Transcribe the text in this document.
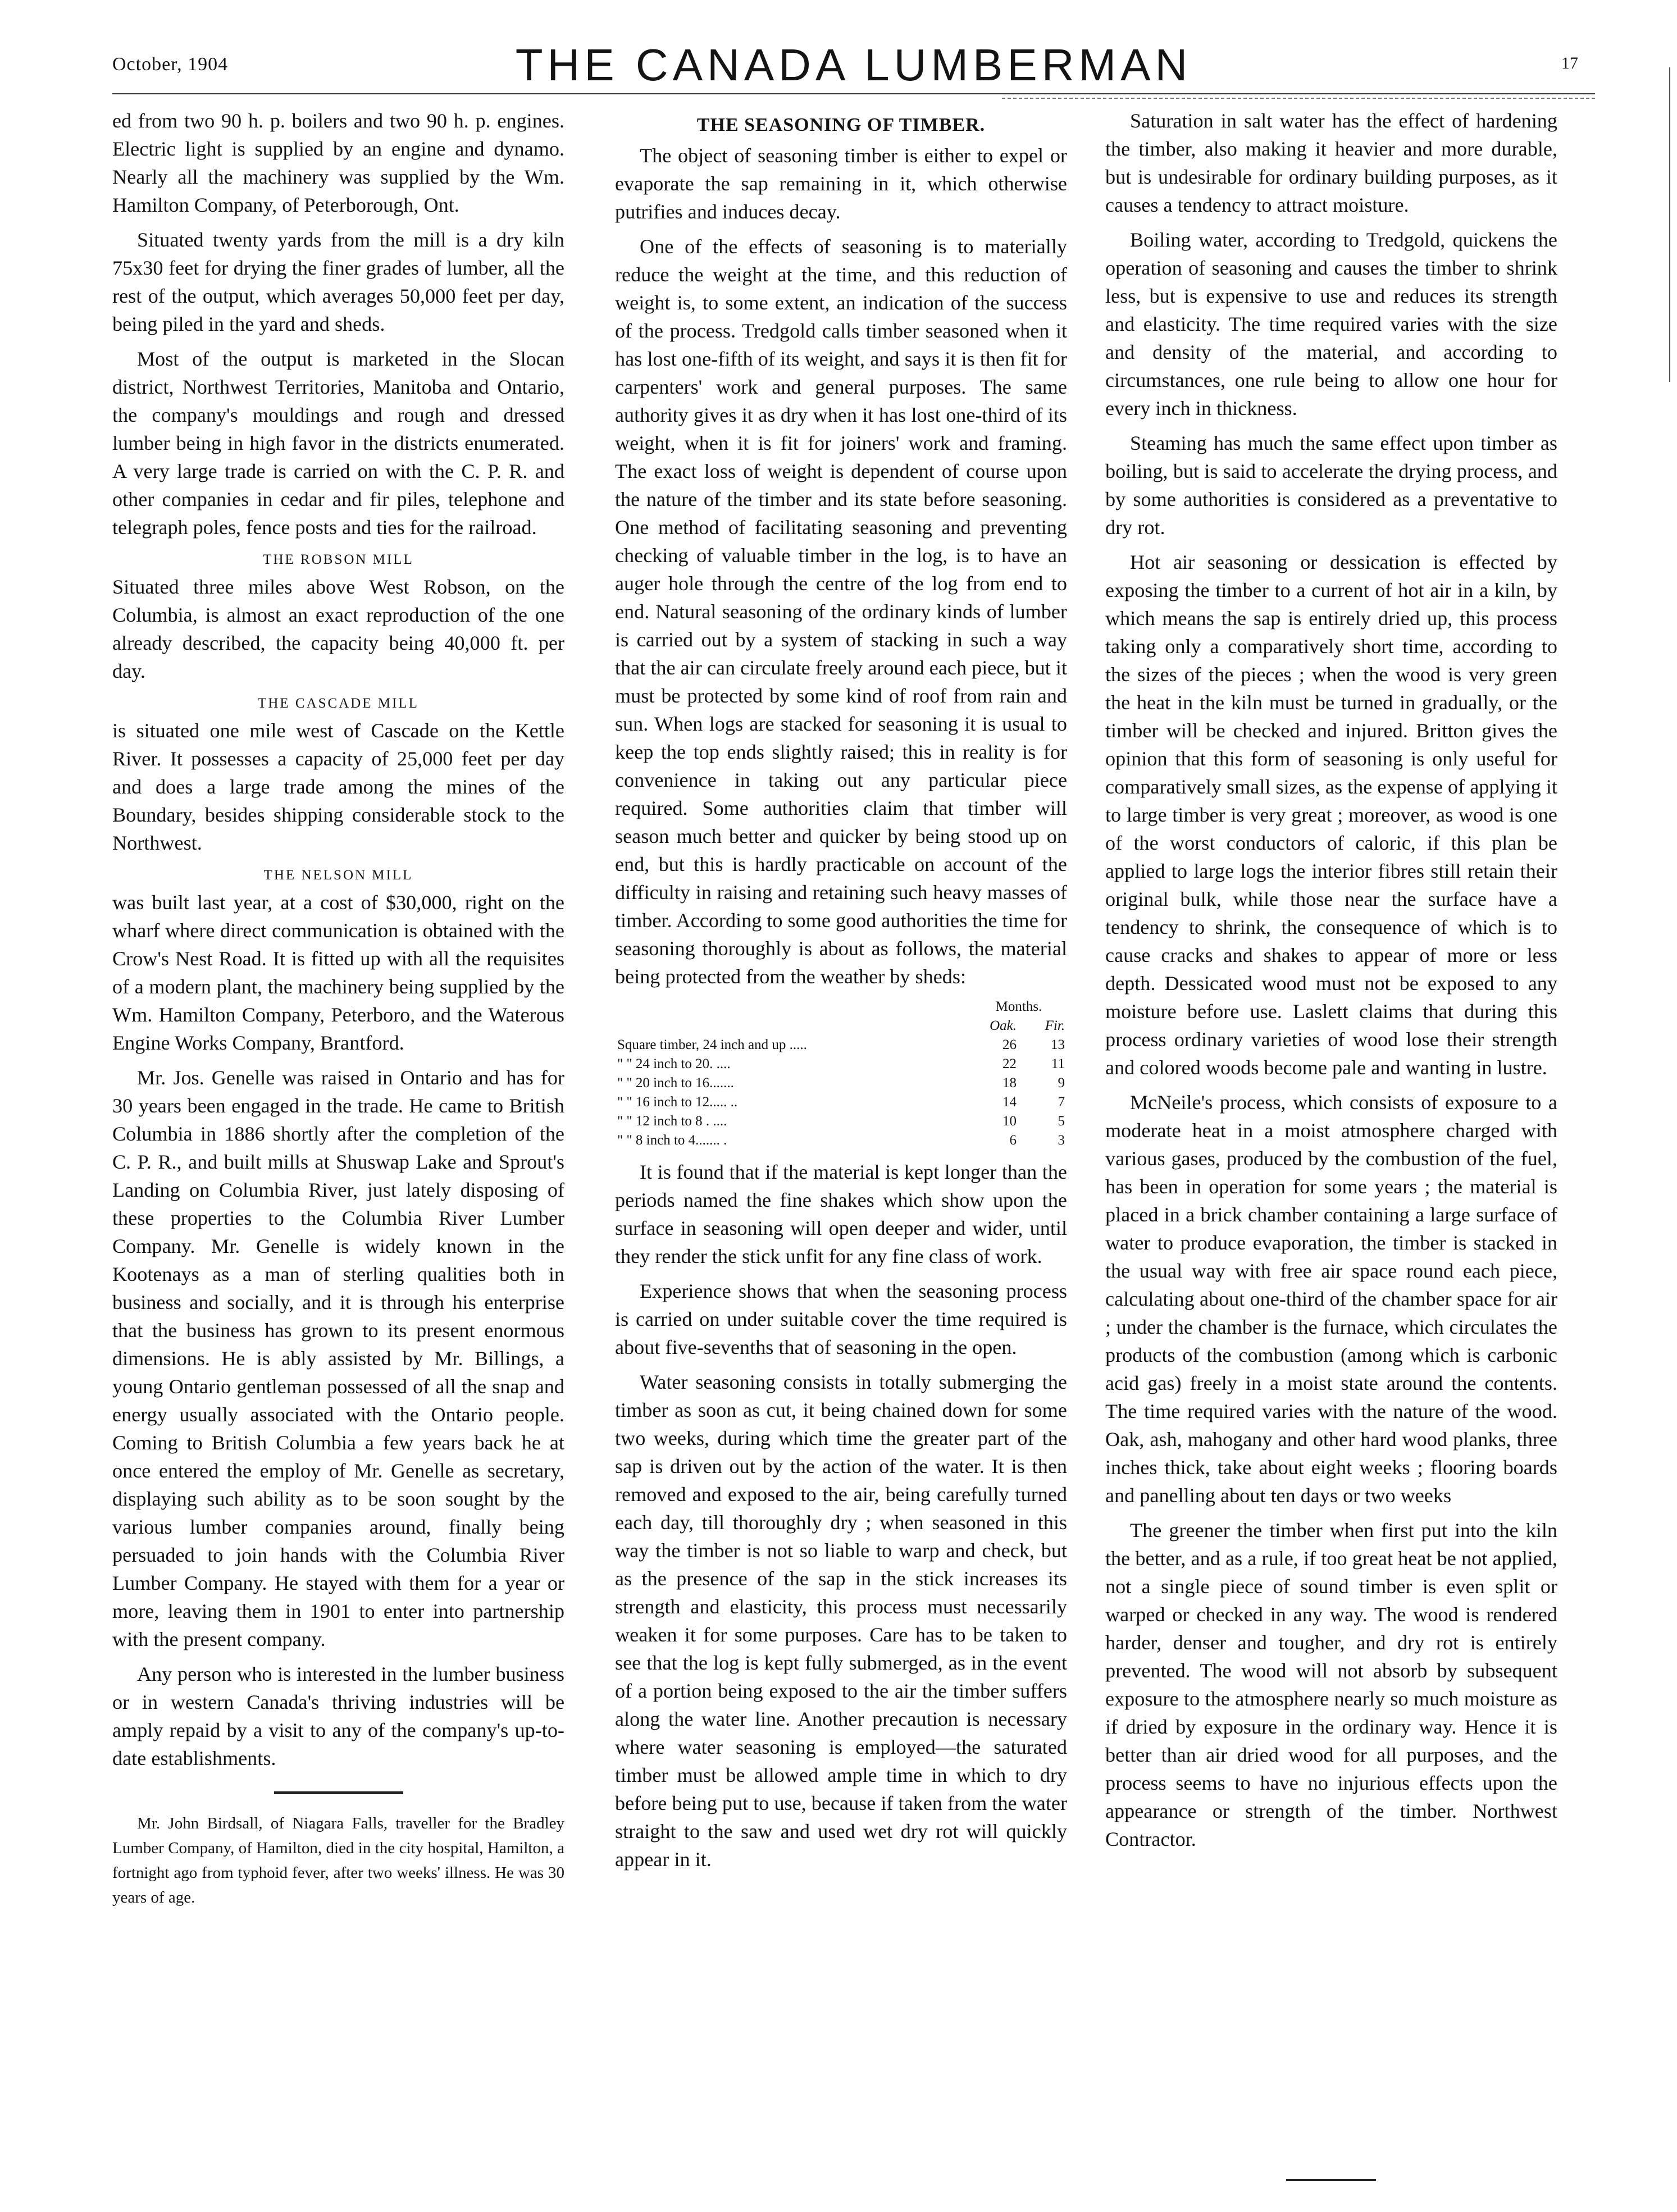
October, 1904	THE CANADA LUMBERMAN	17

ed from two 90 h. p. boilers and two 90 h. p. engines. Electric light is supplied by an engine and dynamo. Nearly all the machinery was supplied by the Wm. Hamilton Company, of Peterborough, Ont.

Situated twenty yards from the mill is a dry kiln 75x30 feet for drying the finer grades of lumber, all the rest of the output, which averages 50,000 feet per day, being piled in the yard and sheds.

Most of the output is marketed in the Slocan district, Northwest Territories, Manitoba and Ontario, the company's mouldings and rough and dressed lumber being in high favor in the districts enumerated. A very large trade is carried on with the C. P. R. and other companies in cedar and fir piles, telephone and telegraph poles, fence posts and ties for the railroad.

THE ROBSON MILL

Situated three miles above West Robson, on the Columbia, is almost an exact reproduction of the one already described, the capacity being 40,000 ft. per day.

THE CASCADE MILL

is situated one mile west of Cascade on the Kettle River. It possesses a capacity of 25,000 feet per day and does a large trade among the mines of the Boundary, besides shipping considerable stock to the Northwest.

THE NELSON MILL

was built last year, at a cost of $30,000, right on the wharf where direct communication is obtained with the Crow's Nest Road. It is fitted up with all the requisites of a modern plant, the machinery being supplied by the Wm. Hamilton Company, Peterboro, and the Waterous Engine Works Company, Brantford.

Mr. Jos. Genelle was raised in Ontario and has for 30 years been engaged in the trade. He came to British Columbia in 1886 shortly after the completion of the C. P. R., and built mills at Shuswap Lake and Sprout's Landing on Columbia River, just lately disposing of these properties to the Columbia River Lumber Company. Mr. Genelle is widely known in the Kootenays as a man of sterling qualities both in business and socially, and it is through his enterprise that the business has grown to its present enormous dimensions. He is ably assisted by Mr. Billings, a young Ontario gentleman possessed of all the snap and energy usually associated with the Ontario people. Coming to British Columbia a few years back he at once entered the employ of Mr. Genelle as secretary, displaying such ability as to be soon sought by the various lumber companies around, finally being persuaded to join hands with the Columbia River Lumber Company. He stayed with them for a year or more, leaving them in 1901 to enter into partnership with the present company.

Any person who is interested in the lumber business or in western Canada's thriving industries will be amply repaid by a visit to any of the company's up-to-date establishments.

Mr. John Birdsall, of Niagara Falls, traveller for the Bradley Lumber Company, of Hamilton, died in the city hospital, Hamilton, a fortnight ago from typhoid fever, after two weeks' illness. He was 30 years of age.

THE SEASONING OF TIMBER.

The object of seasoning timber is either to expel or evaporate the sap remaining in it, which otherwise putrifies and induces decay.

One of the effects of seasoning is to materially reduce the weight at the time, and this reduction of weight is, to some extent, an indication of the success of the process. Tredgold calls timber seasoned when it has lost one-fifth of its weight, and says it is then fit for carpenters' work and general purposes. The same authority gives it as dry when it has lost one-third of its weight, when it is fit for joiners' work and framing. The exact loss of weight is dependent of course upon the nature of the timber and its state before seasoning. One method of facilitating seasoning and preventing checking of valuable timber in the log, is to have an auger hole through the centre of the log from end to end. Natural seasoning of the ordinary kinds of lumber is carried out by a system of stacking in such a way that the air can circulate freely around each piece, but it must be protected by some kind of roof from rain and sun. When logs are stacked for seasoning it is usual to keep the top ends slightly raised; this in reality is for convenience in taking out any particular piece required. Some authorities claim that timber will season much better and quicker by being stood up on end, but this is hardly practicable on account of the difficulty in raising and retaining such heavy masses of timber. According to some good authorities the time for seasoning thoroughly is about as follows, the material being protected from the weather by sheds:

	Months.	
	Oak.	Fir.
Square timber, 24 inch and up .....	26	13
" " 24 inch to 20. ....	22	11
" " 20 inch to 16.......	18	9
" " 16 inch to 12..... ..	14	7
" " 12 inch to 8 . ....	10	5
" " 8 inch to 4....... .	6	3

It is found that if the material is kept longer than the periods named the fine shakes which show upon the surface in seasoning will open deeper and wider, until they render the stick unfit for any fine class of work.

Experience shows that when the seasoning process is carried on under suitable cover the time required is about five-sevenths that of seasoning in the open.

Water seasoning consists in totally submerging the timber as soon as cut, it being chained down for some two weeks, during which time the greater part of the sap is driven out by the action of the water. It is then removed and exposed to the air, being carefully turned each day, till thoroughly dry ; when seasoned in this way the timber is not so liable to warp and check, but as the presence of the sap in the stick increases its strength and elasticity, this process must necessarily weaken it for some purposes. Care has to be taken to see that the log is kept fully submerged, as in the event of a portion being exposed to the air the timber suffers along the water line. Another precaution is necessary where water seasoning is employed—the saturated timber must be allowed ample time in which to dry before being put to use, because if taken from the water straight to the saw and used wet dry rot will quickly appear in it.

Saturation in salt water has the effect of hardening the timber, also making it heavier and more durable, but is undesirable for ordinary building purposes, as it causes a tendency to attract moisture.

Boiling water, according to Tredgold, quickens the operation of seasoning and causes the timber to shrink less, but is expensive to use and reduces its strength and elasticity. The time required varies with the size and density of the material, and according to circumstances, one rule being to allow one hour for every inch in thickness.

Steaming has much the same effect upon timber as boiling, but is said to accelerate the drying process, and by some authorities is considered as a preventative to dry rot.

Hot air seasoning or dessication is effected by exposing the timber to a current of hot air in a kiln, by which means the sap is entirely dried up, this process taking only a comparatively short time, according to the sizes of the pieces ; when the wood is very green the heat in the kiln must be turned in gradually, or the timber will be checked and injured. Britton gives the opinion that this form of seasoning is only useful for comparatively small sizes, as the expense of applying it to large timber is very great ; moreover, as wood is one of the worst conductors of caloric, if this plan be applied to large logs the interior fibres still retain their original bulk, while those near the surface have a tendency to shrink, the consequence of which is to cause cracks and shakes to appear of more or less depth. Dessicated wood must not be exposed to any moisture before use. Laslett claims that during this process ordinary varieties of wood lose their strength and colored woods become pale and wanting in lustre.

McNeile's process, which consists of exposure to a moderate heat in a moist atmosphere charged with various gases, produced by the combustion of the fuel, has been in operation for some years ; the material is placed in a brick chamber containing a large surface of water to produce evaporation, the timber is stacked in the usual way with free air space round each piece, calculating about one-third of the chamber space for air ; under the chamber is the furnace, which circulates the products of the combustion (among which is carbonic acid gas) freely in a moist state around the contents. The time required varies with the nature of the wood. Oak, ash, mahogany and other hard wood planks, three inches thick, take about eight weeks ; flooring boards and panelling about ten days or two weeks

The greener the timber when first put into the kiln the better, and as a rule, if too great heat be not applied, not a single piece of sound timber is even split or warped or checked in any way. The wood is rendered harder, denser and tougher, and dry rot is entirely prevented. The wood will not absorb by subsequent exposure to the atmosphere nearly so much moisture as if dried by exposure in the ordinary way. Hence it is better than air dried wood for all purposes, and the process seems to have no injurious effects upon the appearance or strength of the timber. Northwest Contractor.
